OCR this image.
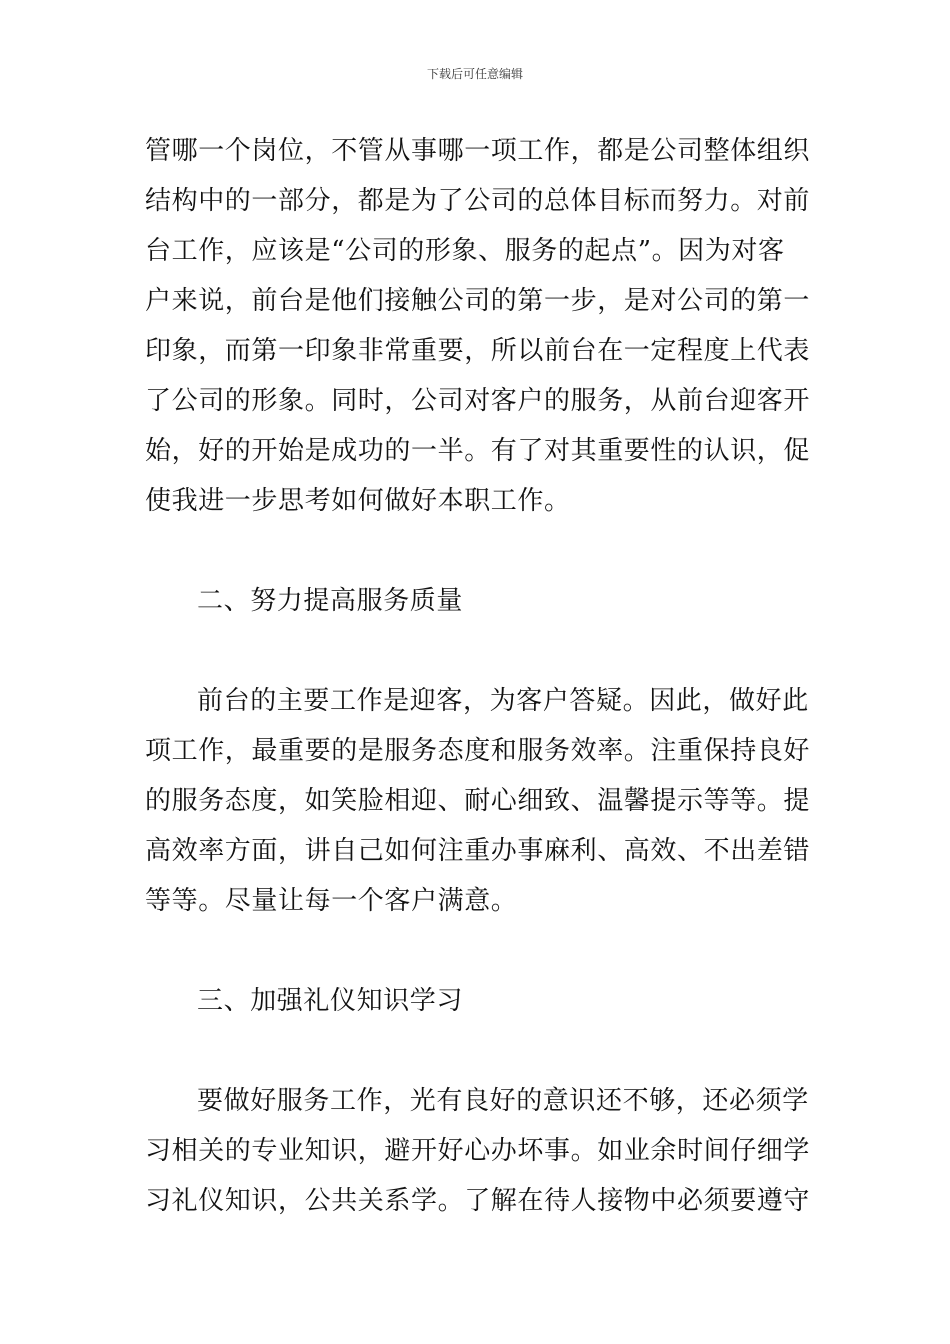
下载后可任意编辑
管哪一个岗位，不管从事哪一项工作，都是公司整体组织
结构中的一部分，都是为了公司的总体目标而努力。对前
台工作，应该是“公司的形象、服务的起点”。因为对客
户来说，前台是他们接触公司的第一步，是对公司的第一
印象，而第一印象非常重要，所以前台在一定程度上代表
了公司的形象。同时，公司对客户的服务，从前台迎客开
始，好的开始是成功的一半。有了对其重要性的认识，促
使我进一步思考如何做好本职工作。
二、努力提高服务质量
前台的主要工作是迎客，为客户答疑。因此，做好此
项工作，最重要的是服务态度和服务效率。注重保持良好
的服务态度，如笑脸相迎、耐心细致、温馨提示等等。提
高效率方面，讲自己如何注重办事麻利、高效、不出差错
等等。尽量让每一个客户满意。
三、加强礼仪知识学习
要做好服务工作，光有良好的意识还不够，还必须学
习相关的专业知识，避开好心办坏事。如业余时间仔细学
习礼仪知识，公共关系学。了解在待人接物中必须要遵守
